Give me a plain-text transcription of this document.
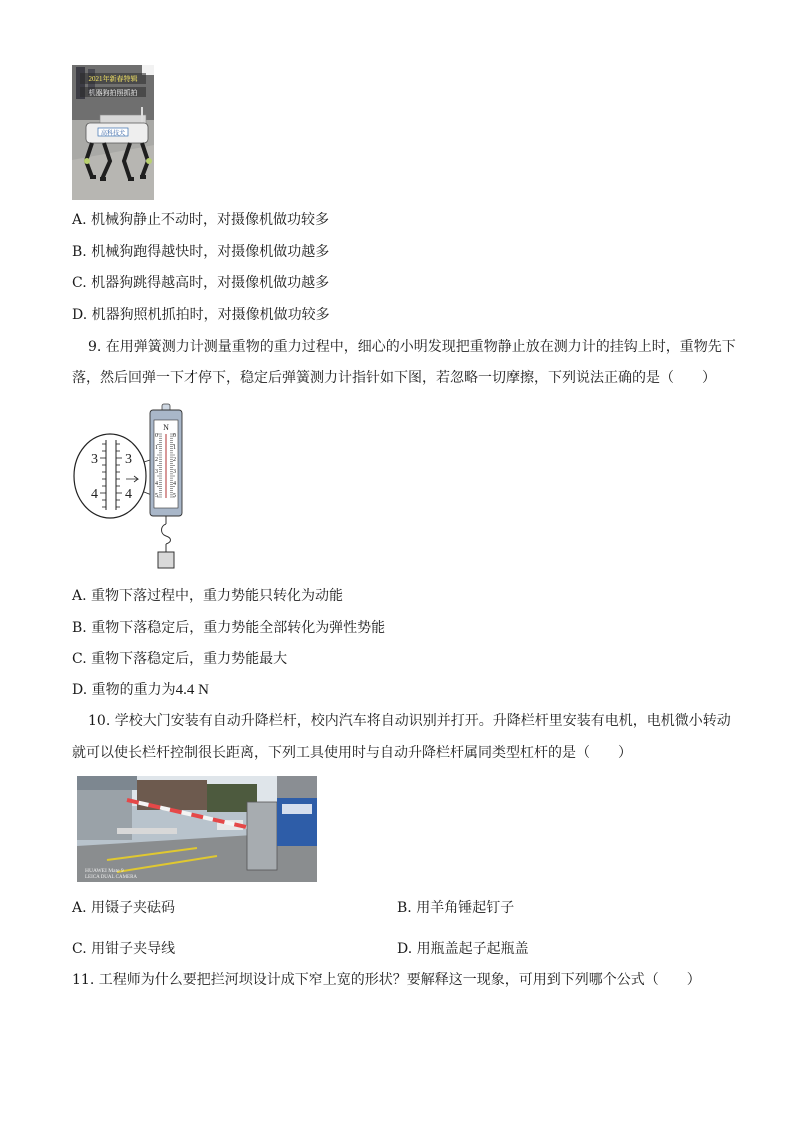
2021年新春特辑
机器狗拍照抓拍
高科技犬
A. 机械狗静止不动时，对摄像机做功较多
B. 机械狗跑得越快时，对摄像机做功越多
C. 机器狗跳得越高时，对摄像机做功越多
D. 机器狗照机抓拍时，对摄像机做功较多
9. 在用弹簧测力计测量重物的重力过程中，细心的小明发现把重物静止放在测力计的挂钩上时，重物先下
落，然后回弹一下才停下，稳定后弹簧测力计指针如下图，若忽略一切摩擦，下列说法正确的是（　　）
3
4
3
4
N
0
1
2
3
4
5
0
1
2
3
4
5
A. 重物下落过程中，重力势能只转化为动能
B. 重物下落稳定后，重力势能全部转化为弹性势能
C. 重物下落稳定后，重力势能最大
D. 重物的重力为4.4 N
10. 学校大门安装有自动升降栏杆，校内汽车将自动识别并打开。升降栏杆里安装有电机，电机微小转动
就可以使长栏杆控制很长距离，下列工具使用时与自动升降栏杆属同类型杠杆的是（　　）
HUAWEI Mate 9
LEICA DUAL CAMERA
A. 用镊子夹砝码	B. 用羊角锤起钉子
C. 用钳子夹导线	D. 用瓶盖起子起瓶盖
11. 工程师为什么要把拦河坝设计成下窄上宽的形状？要解释这一现象，可用到下列哪个公式（　　）
